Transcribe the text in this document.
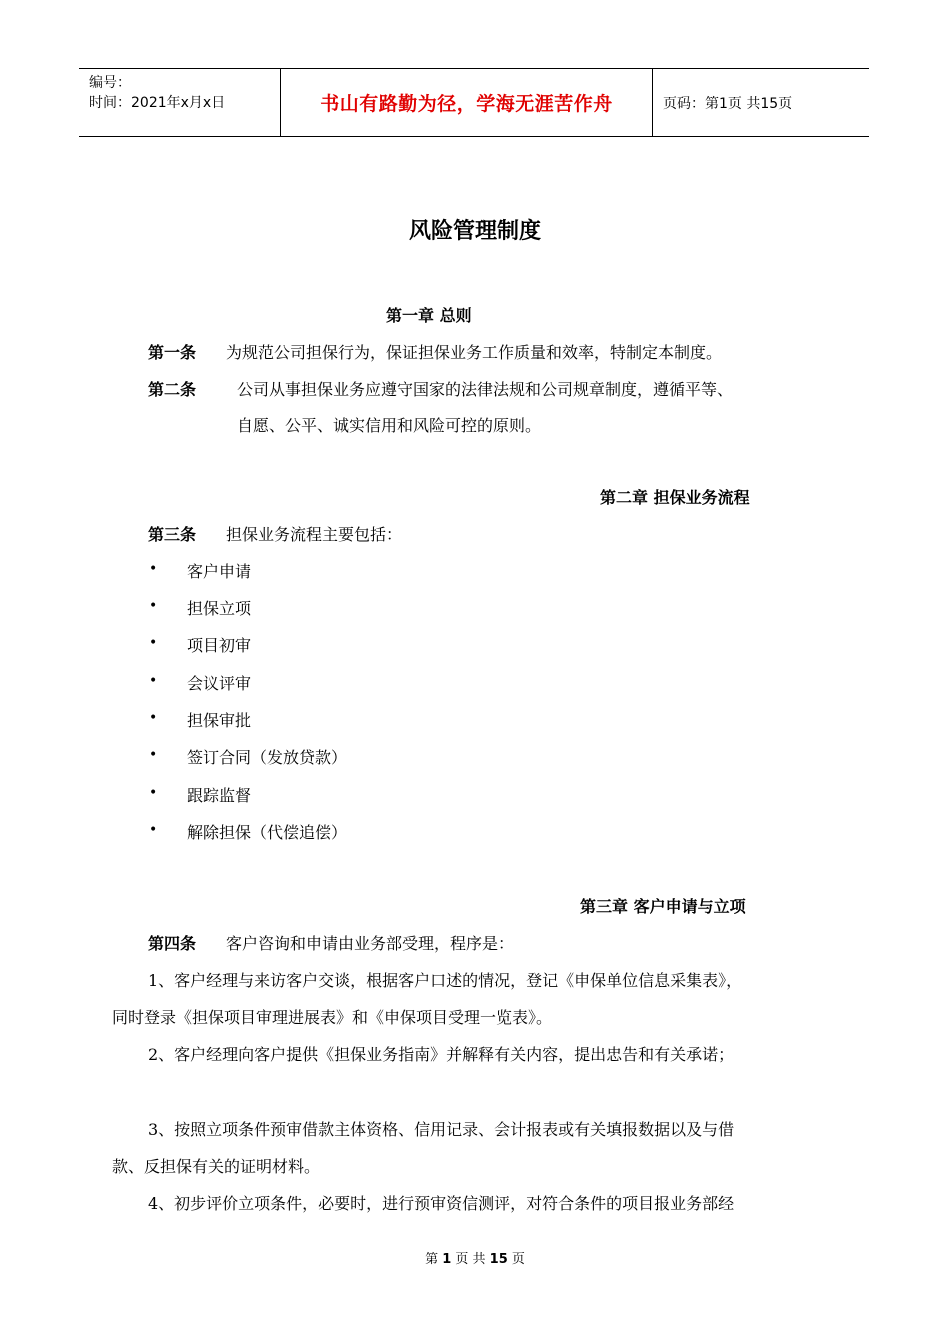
编号：
时间：2021年x月x日	书山有路勤为径，学海无涯苦作舟	页码：第1页 共15页
风险管理制度
第一章 总则
第一条 为规范公司担保行为，保证担保业务工作质量和效率，特制定本制度。
第二条	公司从事担保业务应遵守国家的法律法规和公司规章制度，遵循平等、
自愿、公平、诚实信用和风险可控的原则。
第二章 担保业务流程
第三条 担保业务流程主要包括：
• 客户申请
• 担保立项
• 项目初审
• 会议评审
• 担保审批
• 签订合同（发放贷款）
• 跟踪监督
• 解除担保（代偿追偿）
第三章 客户申请与立项
第四条 客户咨询和申请由业务部受理，程序是：
1、客户经理与来访客户交谈，根据客户口述的情况，登记《申保单位信息采集表》，
同时登录《担保项目审理进展表》和《申保项目受理一览表》。
2、客户经理向客户提供《担保业务指南》并解释有关内容，提出忠告和有关承诺；
3、按照立项条件预审借款主体资格、信用记录、会计报表或有关填报数据以及与借
款、反担保有关的证明材料。
4、初步评价立项条件，必要时，进行预审资信测评，对符合条件的项目报业务部经
第 1 页 共 15 页
